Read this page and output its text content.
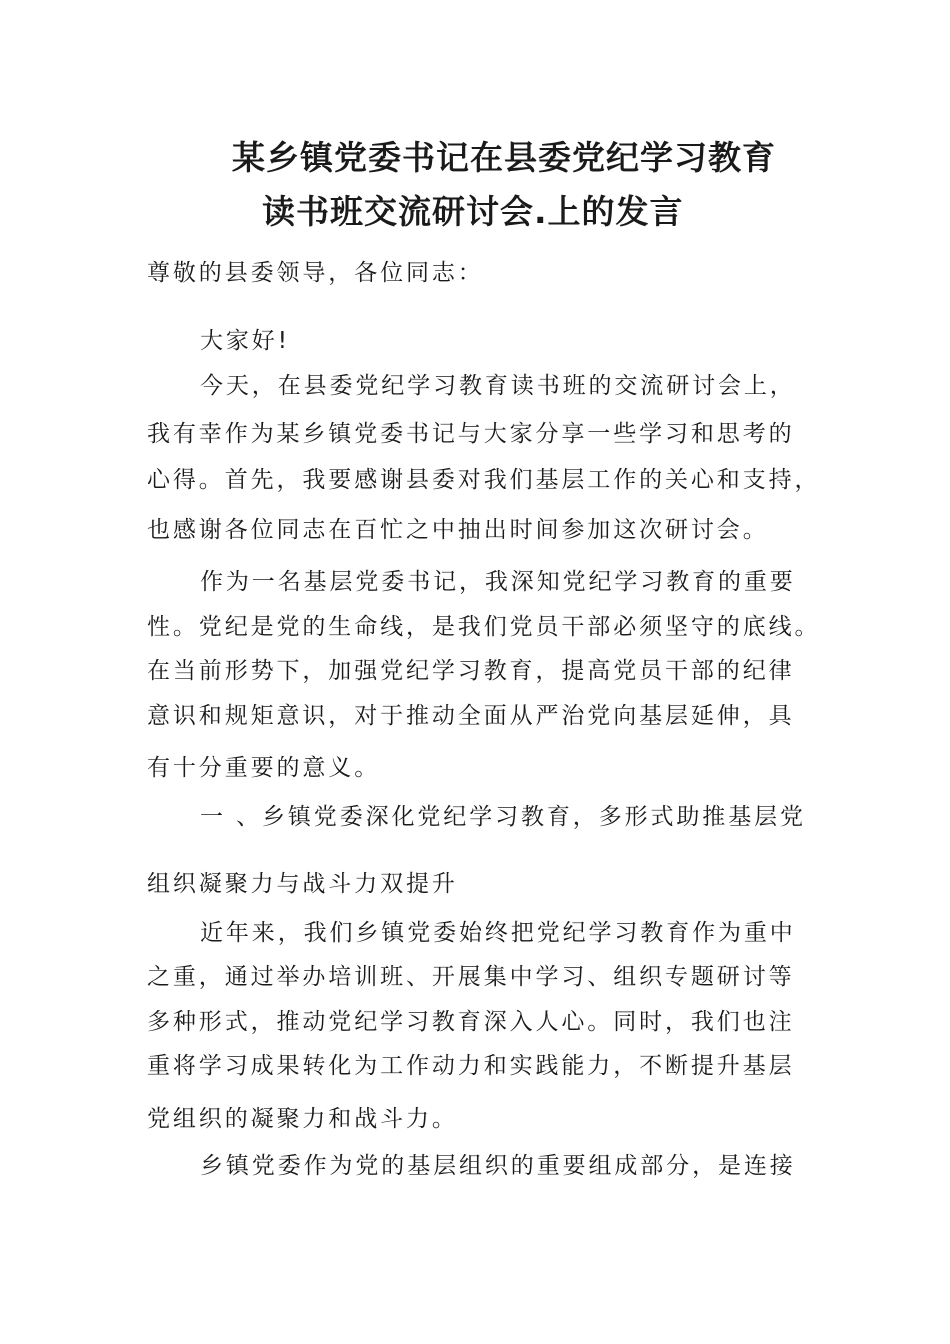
某乡镇党委书记在县委党纪学习教育
读书班交流研讨会.上的发言
尊敬的县委领导，各位同志：
大家好!
今天，在县委党纪学习教育读书班的交流研讨会上，
我有幸作为某乡镇党委书记与大家分享一些学习和思考的
心得。首先，我要感谢县委对我们基层工作的关心和支持，
也感谢各位同志在百忙之中抽出时间参加这次研讨会。
作为一名基层党委书记，我深知党纪学习教育的重要
性。党纪是党的生命线，是我们党员干部必须坚守的底线。
在当前形势下，加强党纪学习教育，提高党员干部的纪律
意识和规矩意识，对于推动全面从严治党向基层延伸，具
有十分重要的意义。
一 、乡镇党委深化党纪学习教育，多形式助推基层党
组织凝聚力与战斗力双提升
近年来，我们乡镇党委始终把党纪学习教育作为重中
之重，通过举办培训班、开展集中学习、组织专题研讨等
多种形式，推动党纪学习教育深入人心。同时，我们也注
重将学习成果转化为工作动力和实践能力，不断提升基层
党组织的凝聚力和战斗力。
乡镇党委作为党的基层组织的重要组成部分，是连接
